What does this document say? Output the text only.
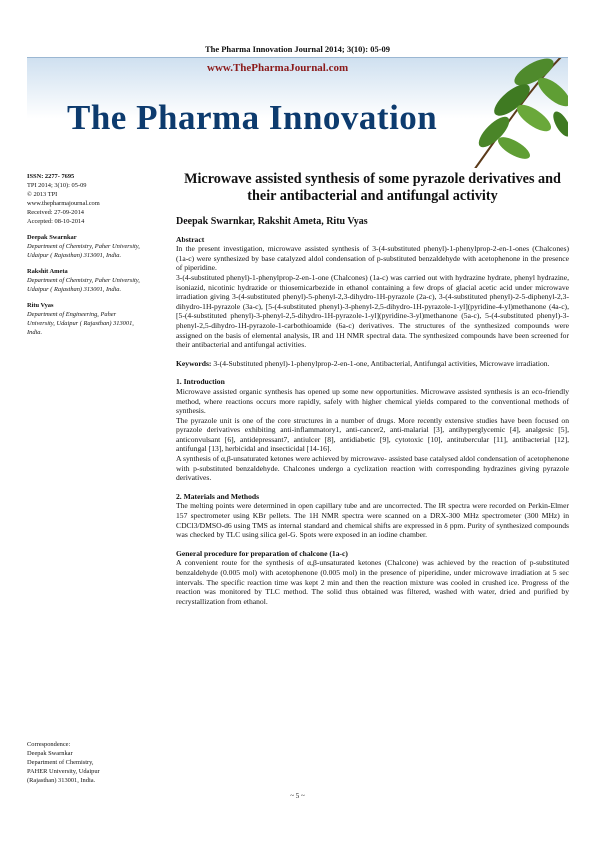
The Pharma Innovation Journal 2014; 3(10): 05-09
www.ThePharmaJournal.com
The Pharma Innovation
ISSN: 2277- 7695
TPI 2014; 3(10): 05-09
© 2013 TPI
www.thepharmajournal.com
Received: 27-09-2014
Accepted: 08-10-2014
Deepak Swarnkar
Department of Chemistry, Paher University, Udaipur ( Rajasthan) 313001, India.
Rakshit Ameta
Department of Chemistry, Paher University, Udaipur ( Rajasthan) 313001, India.
Ritu Vyas
Department of Engineering, Paher University, Udaipur ( Rajasthan) 313001, India.
Correspondence:
Deepak Swarnkar
Department of Chemistry,
PAHER University, Udaipur
(Rajasthan) 313001, India.
Microwave assisted synthesis of some pyrazole derivatives and their antibacterial and antifungal activity
Deepak Swarnkar, Rakshit Ameta, Ritu Vyas
Abstract

In the present investigation, microwave assisted synthesis of 3-(4-substituted phenyl)-1-phenylprop-2-en-1-ones (Chalcones) (1a-c) were synthesized by base catalyzed aldol condensation of p-substituted benzaldehyde with acetophenone in the presence of piperidine.

3-(4-substituted phenyl)-1-phenylprop-2-en-1-one (Chalcones) (1a-c) was carried out with hydrazine hydrate, phenyl hydrazine, isoniazid, nicotinic hydrazide or thiosemicarbezide in ethanol containing a few drops of glacial acetic acid under microwave irradiation giving 3-(4-substituted phenyl)-5-phenyl-2,3-dihydro-1H-pyrazole (2a-c), 3-(4-substituted phenyl)-2-5-diphenyl-2,3-dihydro-1H-pyrazole (3a-c), [5-(4-substituted phenyl)-3-phenyl-2,5-dihydro-1H-pyrazole-1-yl](pyridine-4-yl)methanone (4a-c), [5-(4-substituted phenyl)-3-phenyl-2,5-dihydro-1H-pyrazole-1-yl](pyridine-3-yl)methanone (5a-c), 5-(4-substituted phenyl)-3-phenyl-2,5-dihydro-1H-pyrazole-1-carbothioamide (6a-c) derivatives. The structures of the synthesized compounds were assigned on the basis of elemental analysis, IR and 1H NMR spectral data. The synthesized compounds have been screened for their antibacterial and antifungal activities.

Keywords: 3-(4-Substituted phenyl)-1-phenylprop-2-en-1-one, Antibacterial, Antifungal activities, Microwave irradiation.

1. Introduction

Microwave assisted organic synthesis has opened up some new opportunities. Microwave assisted synthesis is an eco-friendly method, where reactions occurs more rapidly, safely with higher chemical yields compared to the conventional methods of synthesis.

The pyrazole unit is one of the core structures in a number of drugs. More recently extensive studies have been focused on pyrazole derivatives exhibiting anti-inflammatory1, anti-cancer2, anti-malarial [3], antihyperglycemic [4], analgesic [5], anticonvulsant [6], antidepressant7, antiulcer [8], antidiabetic [9], cytotoxic [10], antitubercular [11], antibacterial [12], antifungal [13], herbicidal and insecticidal [14-16].

A synthesis of α,β-unsaturated ketones were achieved by microwave- assisted base catalysed aldol condensation of acetophenone with p-substituted benzaldehyde. Chalcones undergo a cyclization reaction with corresponding hydrazines giving pyrazole derivatives.

2. Materials and Methods

The melting points were determined in open capillary tube and are uncorrected. The IR spectra were recorded on Perkin-Elmer 157 spectrometer using KBr pellets. The 1H NMR spectra were scanned on a DRX-300 MHz spectrometer (300 MHz) in CDCl3/DMSO-d6 using TMS as internal standard and chemical shifts are expressed in δ ppm. Purity of synthesized compounds was checked by TLC using silica gel-G. Spots were exposed in an iodine chamber.

General procedure for preparation of chalcone (1a-c)

A convenient route for the synthesis of α,β-unsaturated ketones (Chalcone) was achieved by the reaction of p-substituted benzaldehyde (0.005 mol) with acetophenone (0.005 mol) in the presence of piperidine, under microwave irradiation at 5 sec intervals. The specific reaction time was kept 2 min and then the reaction mixture was cooled in crushed ice. Progress of the reaction was monitored by TLC method. The solid thus obtained was filtered, washed with water, dried and purified by recrystallization from ethanol.

~ 5 ~
